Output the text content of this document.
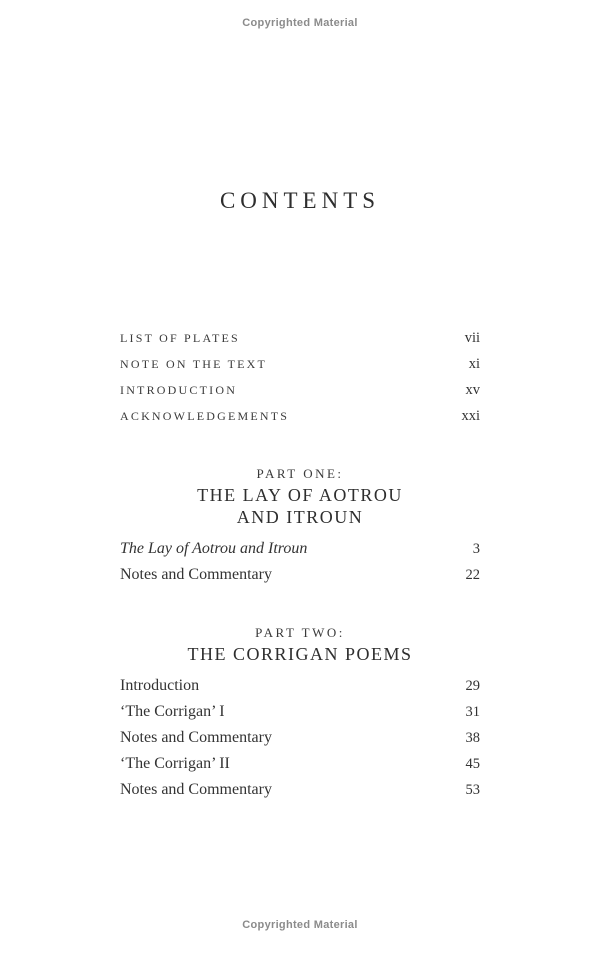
Copyrighted Material
CONTENTS
LIST OF PLATES	vii
NOTE ON THE TEXT	xi
INTRODUCTION	xv
ACKNOWLEDGEMENTS	xxi
PART ONE:
THE LAY OF AOTROU
AND ITROUN
The Lay of Aotrou and Itroun	3
Notes and Commentary	22
PART TWO:
THE CORRIGAN POEMS
Introduction	29
‘The Corrigan’ I	31
Notes and Commentary	38
‘The Corrigan’ II	45
Notes and Commentary	53
Copyrighted Material
